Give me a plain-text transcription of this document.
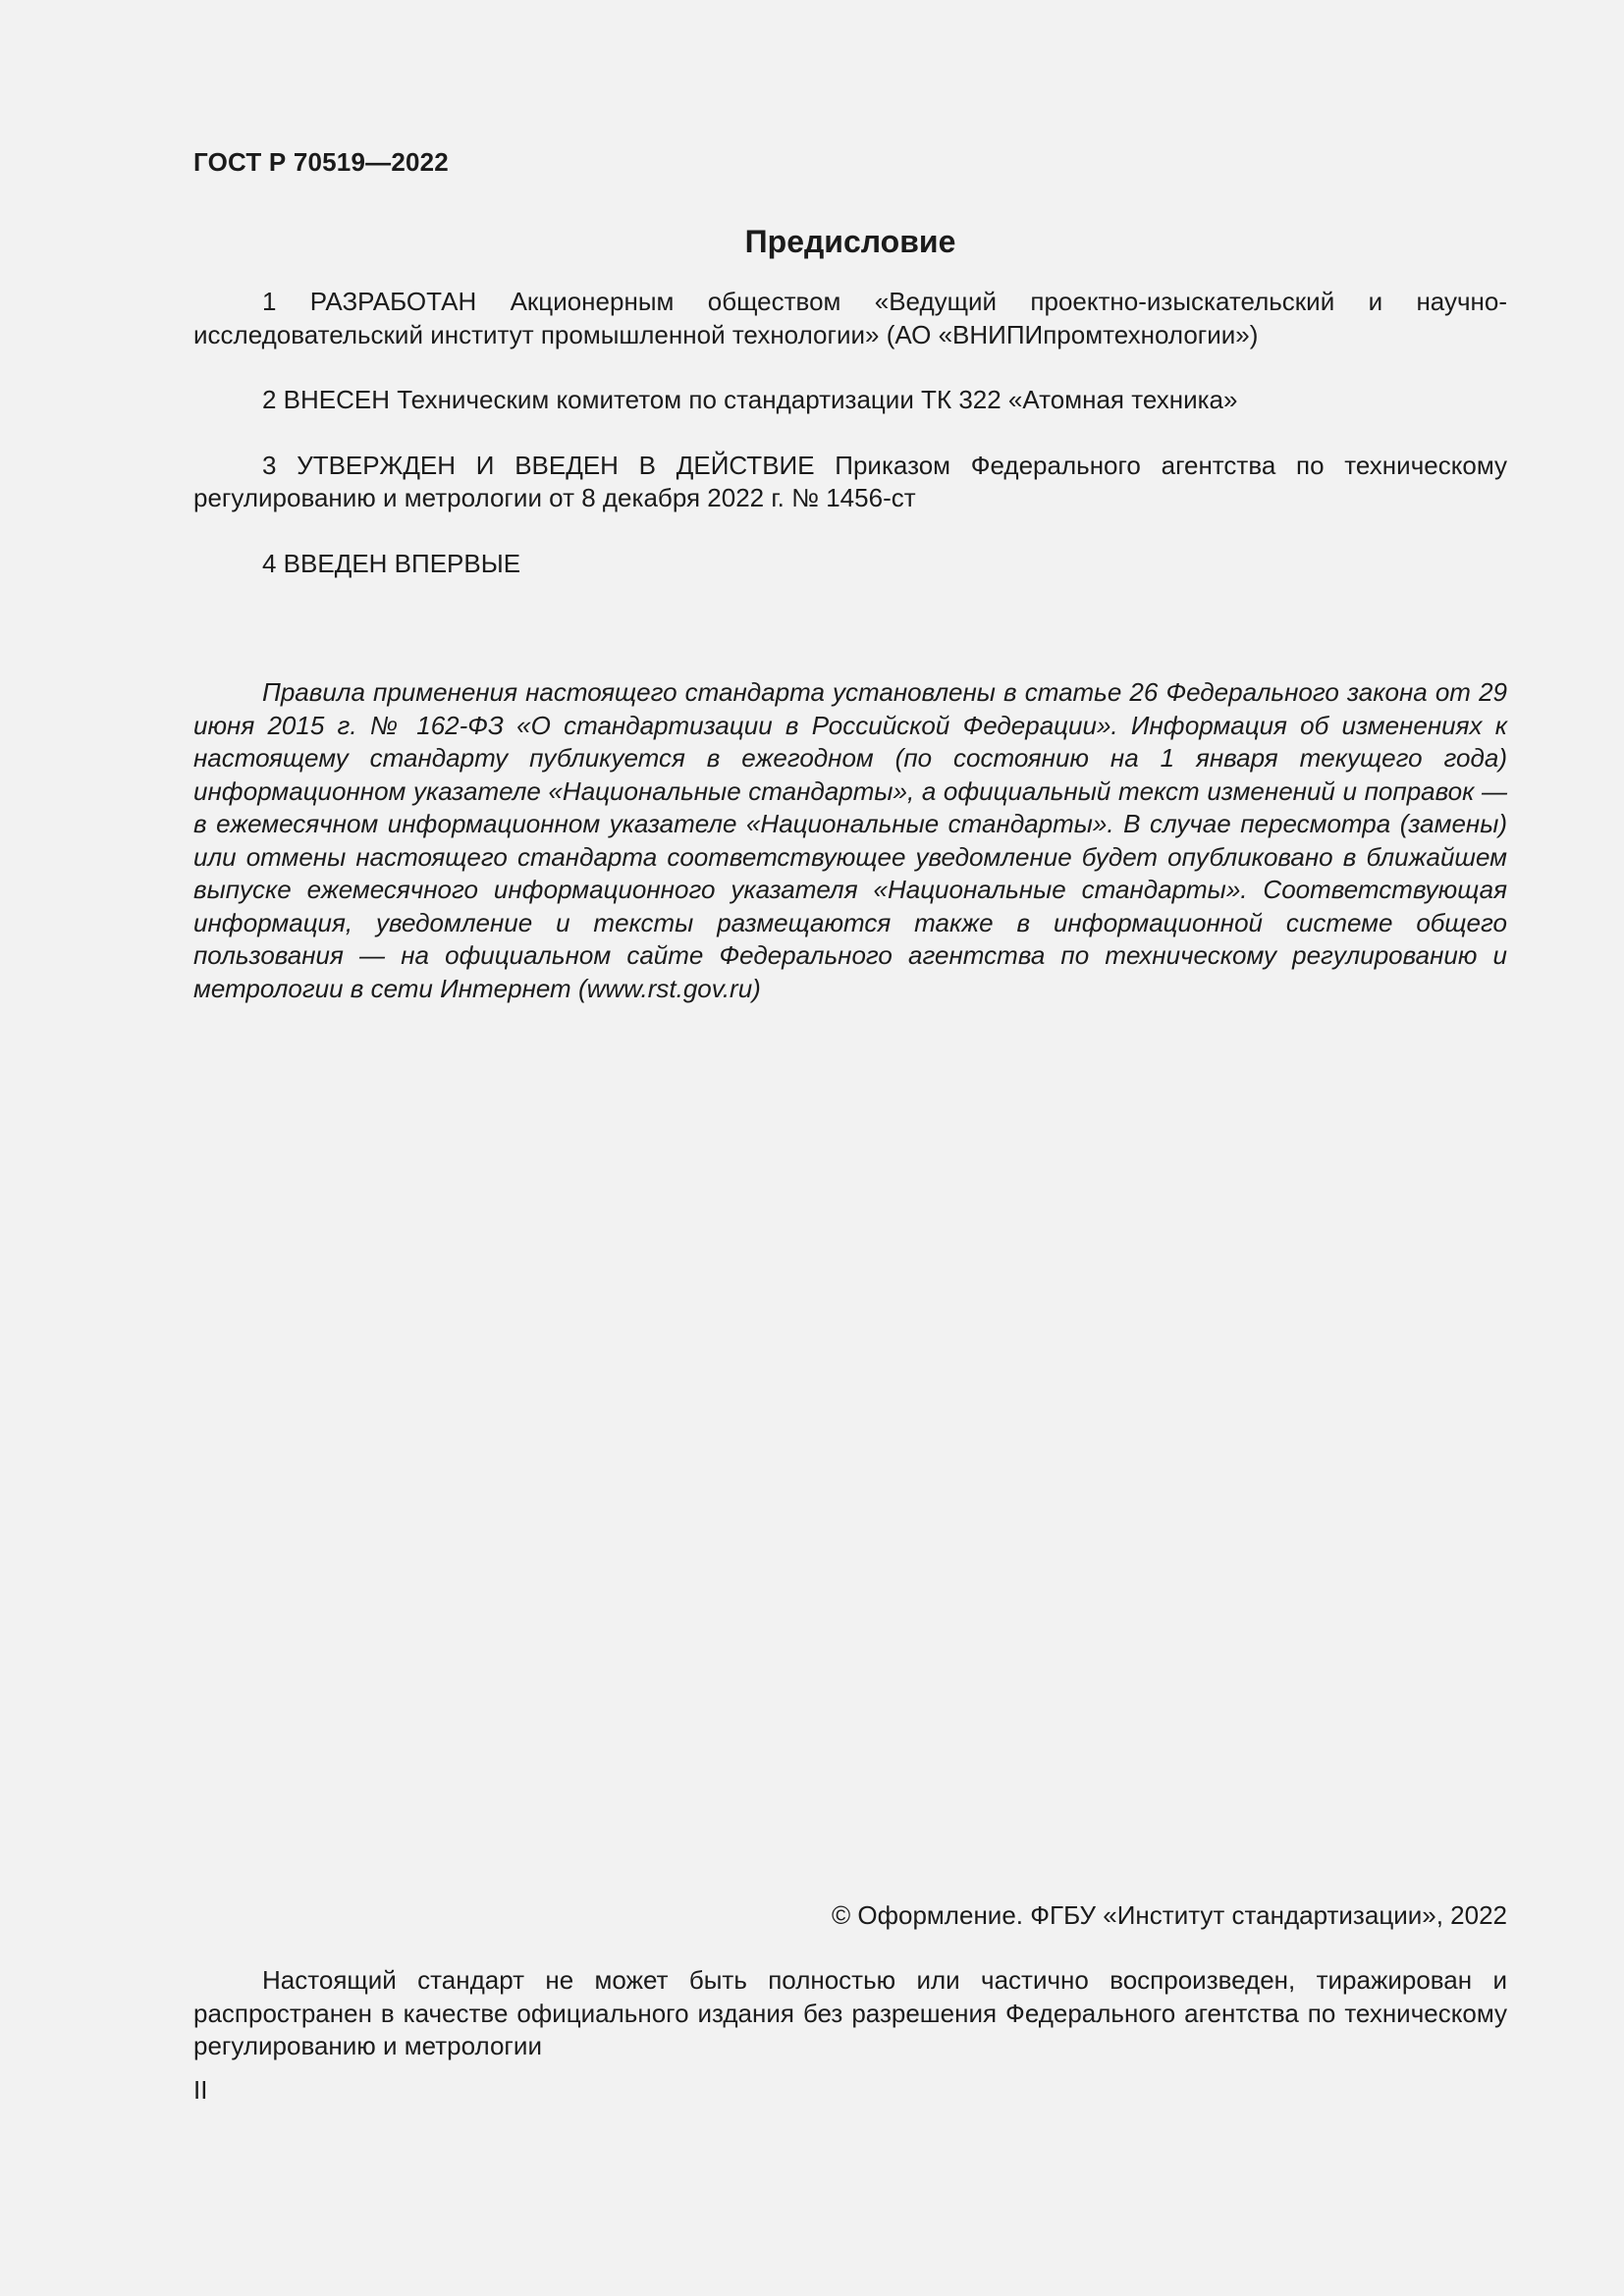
ГОСТ Р 70519—2022
Предисловие

1 РАЗРАБОТАН Акционерным обществом «Ведущий проектно-изыскательский и научно-исследовательский институт промышленной технологии» (АО «ВНИПИпромтехнологии»)

2 ВНЕСЕН Техническим комитетом по стандартизации ТК 322 «Атомная техника»

3 УТВЕРЖДЕН И ВВЕДЕН В ДЕЙСТВИЕ Приказом Федерального агентства по техническому регулированию и метрологии от 8 декабря 2022 г. № 1456-ст

4 ВВЕДЕН ВПЕРВЫЕ

Правила применения настоящего стандарта установлены в статье 26 Федерального закона от 29 июня 2015 г. № 162-ФЗ «О стандартизации в Российской Федерации». Информация об изменениях к настоящему стандарту публикуется в ежегодном (по состоянию на 1 января текущего года) информационном указателе «Национальные стандарты», а официальный текст изменений и поправок — в ежемесячном информационном указателе «Национальные стандарты». В случае пересмотра (замены) или отмены настоящего стандарта соответствующее уведомление будет опубликовано в ближайшем выпуске ежемесячного информационного указателя «Национальные стандарты». Соответствующая информация, уведомление и тексты размещаются также в информационной системе общего пользования — на официальном сайте Федерального агентства по техническому регулированию и метрологии в сети Интернет (www.rst.gov.ru)

© Оформление. ФГБУ «Институт стандартизации», 2022

Настоящий стандарт не может быть полностью или частично воспроизведен, тиражирован и распространен в качестве официального издания без разрешения Федерального агентства по техническому регулированию и метрологии

II
